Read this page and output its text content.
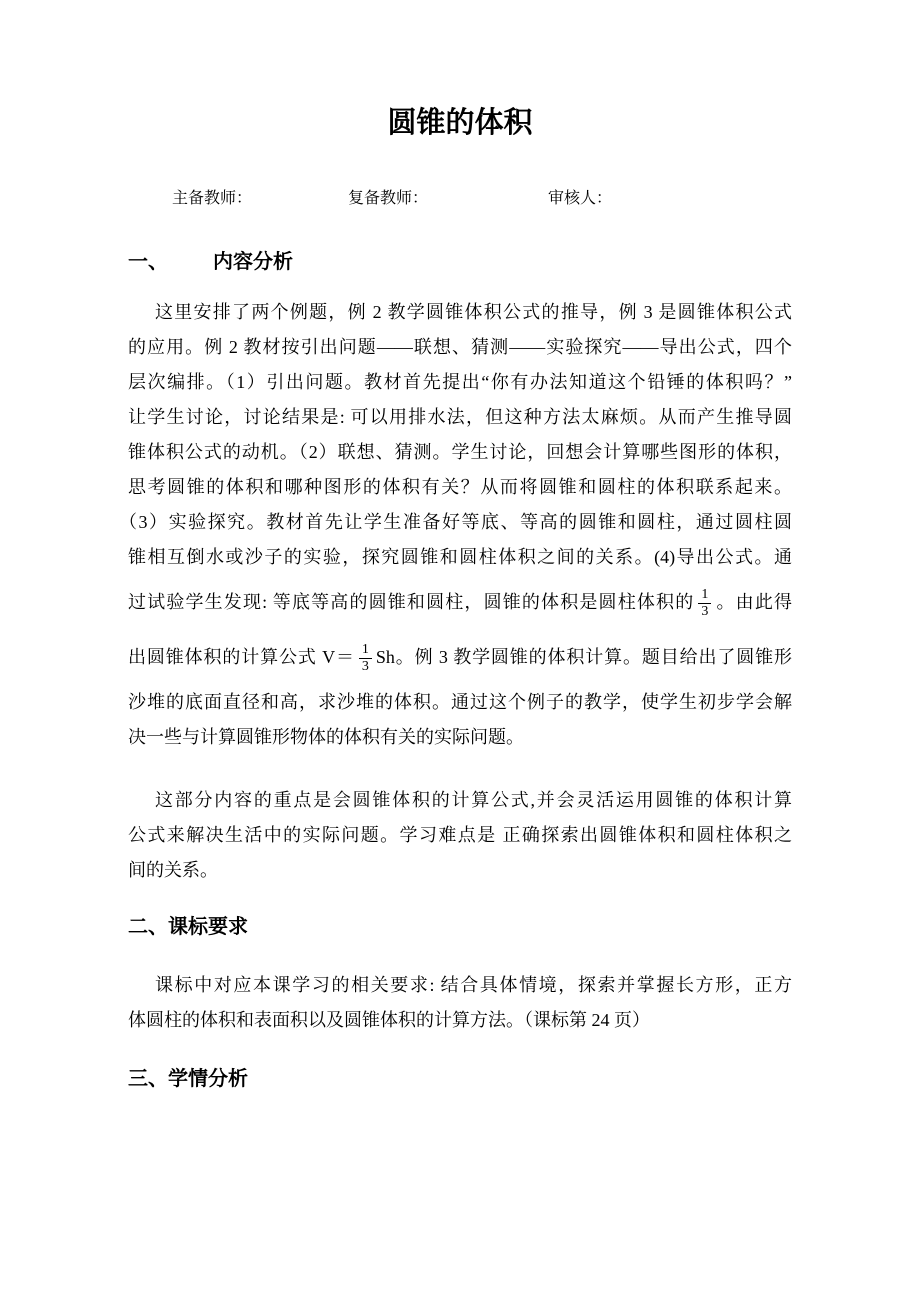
圆锥的体积
主备教师：	复备教师：	审核人：
一、 内容分析
这里安排了两个例题，例 2 教学圆锥体积公式的推导，例 3 是圆锥体积公式
的应用。例 2 教材按引出问题——联想、猜测——实验探究——导出公式，四个
层次编排。（1）引出问题。教材首先提出“你有办法知道这个铅锤的体积吗？”
让学生讨论，讨论结果是: 可以用排水法，但这种方法太麻烦。从而产生推导圆
锥体积公式的动机。（2）联想、猜测。学生讨论，回想会计算哪些图形的体积，
思考圆锥的体积和哪种图形的体积有关？从而将圆锥和圆柱的体积联系起来。
（3）实验探究。教材首先让学生准备好等底、等高的圆锥和圆柱，通过圆柱圆
锥相互倒水或沙子的实验，探究圆锥和圆柱体积之间的关系。(4)导出公式。通
过试验学生发现: 等底等高的圆锥和圆柱，圆锥的体积是圆柱体积的 $\frac{1}{3}$ 。由此得
出圆锥体积的计算公式 $V= \frac{1}{3}$ Sh。例 3 教学圆锥的体积计算。题目给出了圆锥形
沙堆的底面直径和高，求沙堆的体积。通过这个例子的教学，使学生初步学会解
决一些与计算圆锥形物体的体积有关的实际问题。
这部分内容的重点是会圆锥体积的计算公式,并会灵活运用圆锥的体积计算
公式来解决生活中的实际问题。学习难点是 正确探索出圆锥体积和圆柱体积之
间的关系。
二、课标要求
课标中对应本课学习的相关要求: 结合具体情境，探索并掌握长方形，正方
体圆柱的体积和表面积以及圆锥体积的计算方法。（课标第 24 页）
三、学情分析
